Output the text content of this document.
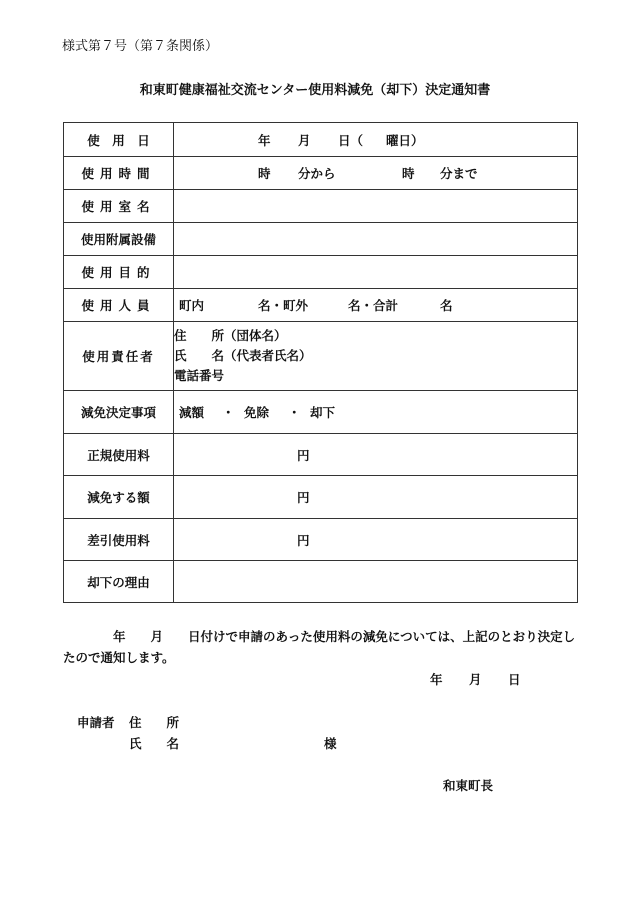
様式第７号（第７条関係）
和東町健康福祉交流センター使用料減免（却下）決定通知書
使　用　日	年 月 日（ 曜日）

使用時間	時 分から 時 分まで

使用室名	
使用附属設備	
使用目的	
使用人員	町内 名・町外 名・合計 名

使用責任者	住　　所（団体名）
氏　　名（代表者氏名）
電話番号

減免決定事項	減額 ・ 免除 ・ 却下

正規使用料	円

減免する額	円

差引使用料	円

却下の理由	
　　年　　月　　日付けで申請のあった使用料の減免については、上記のとおり決定したので通知します。
年 月 日
申請者 住　　所
氏　　名	様
和東町長
